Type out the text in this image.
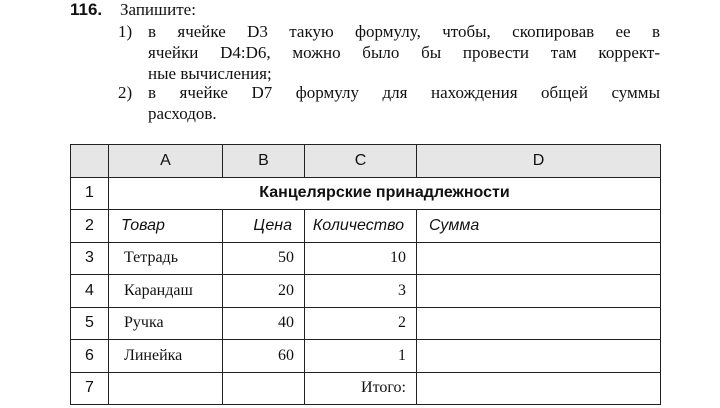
116. Запишите:
1) в ячейке D3 такую формулу, чтобы, скопировав ее в
ячейки D4:D6, можно было бы провести там коррект-
ные вычисления;
2) в ячейке D7 формулу для нахождения общей суммы
расходов.
	A	B	C	D
1	Канцелярские принадлежности			
2	Товар	Цена	Количество	Сумма
3	Тетрадь	50	10	
4	Карандаш	20	3	
5	Ручка	40	2	
6	Линейка	60	1	
7			Итого:	
